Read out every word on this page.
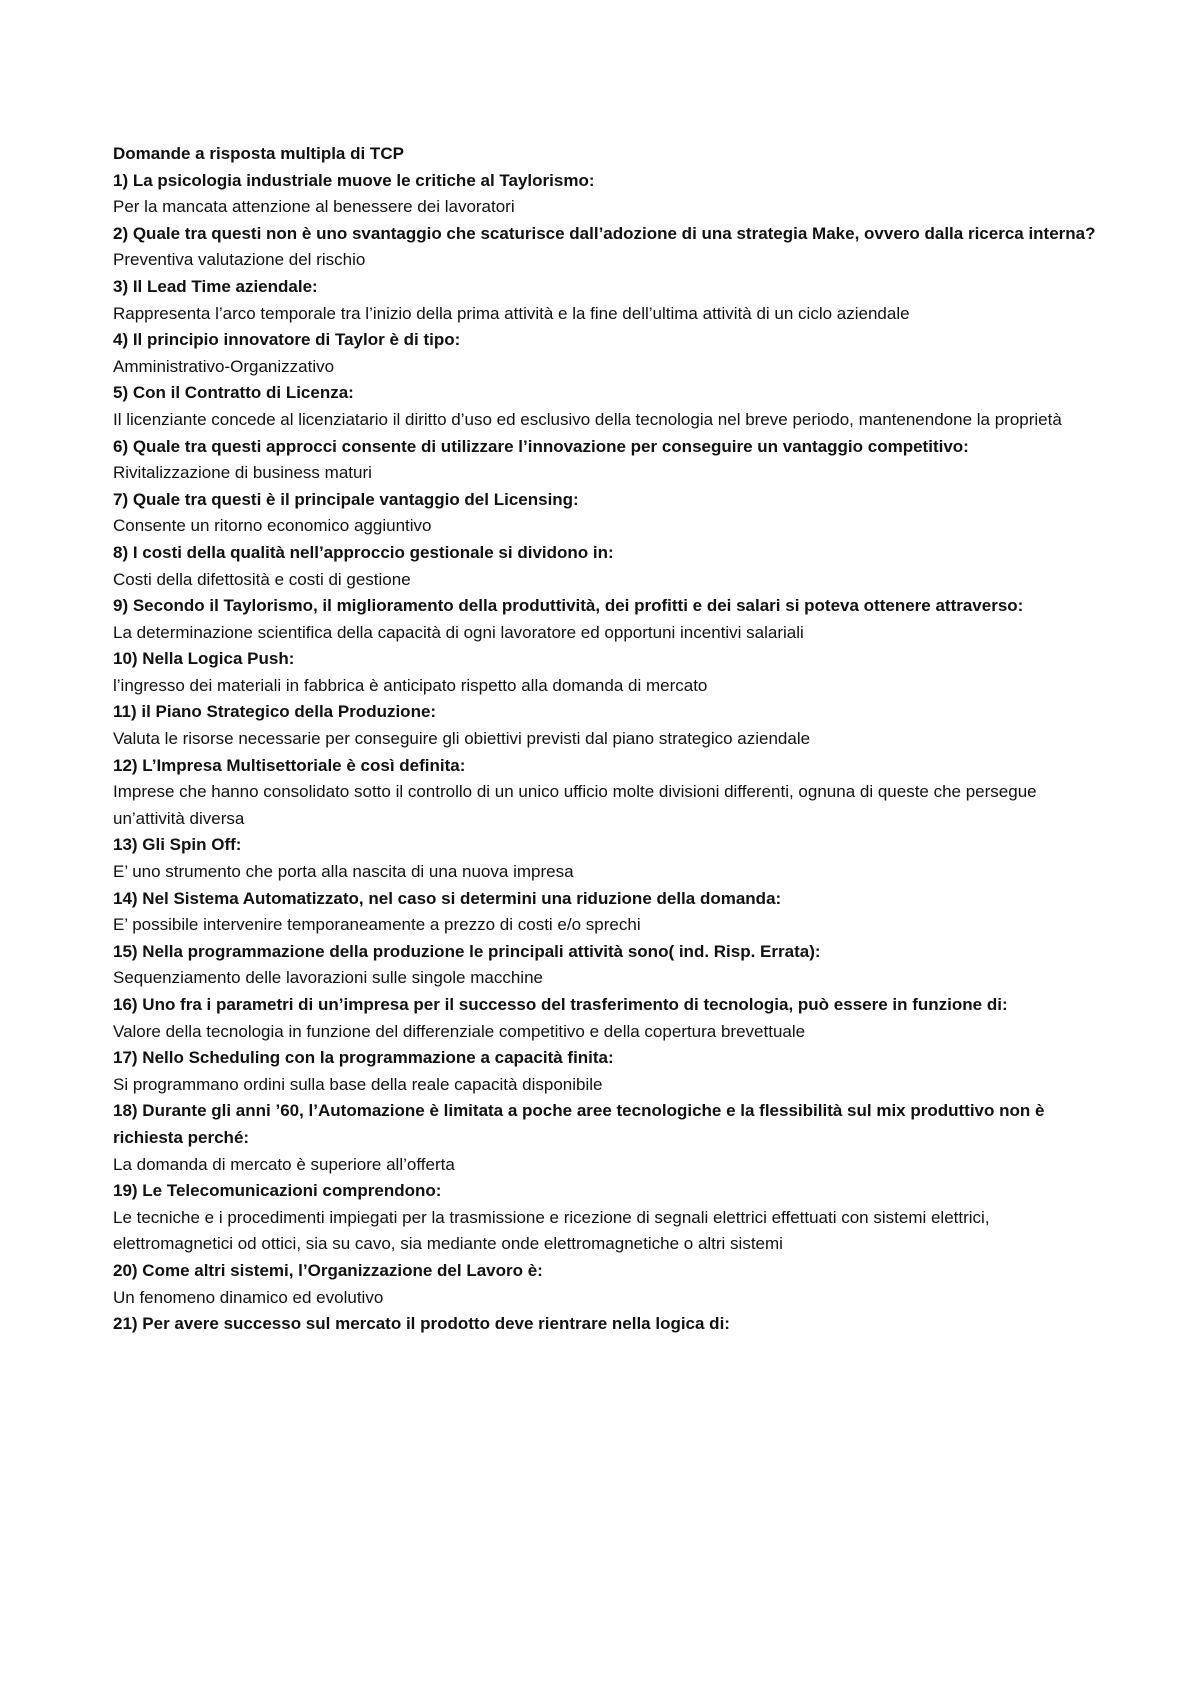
Domande a risposta multipla di TCP

1) La psicologia industriale muove le critiche al Taylorismo:

Per la mancata attenzione al benessere dei lavoratori

2) Quale tra questi non è uno svantaggio che scaturisce dall’adozione di una strategia Make, ovvero dalla ricerca interna?

Preventiva valutazione del rischio

3) Il Lead Time aziendale:

Rappresenta l’arco temporale tra l’inizio della prima attività e la fine dell’ultima attività di un ciclo aziendale

4) Il principio innovatore di Taylor è di tipo:

Amministrativo-Organizzativo

5) Con il Contratto di Licenza:

Il licenziante concede al licenziatario il diritto d’uso ed esclusivo della tecnologia nel breve periodo, mantenendone la proprietà

6) Quale tra questi approcci consente di utilizzare l’innovazione per conseguire un vantaggio competitivo:

Rivitalizzazione di business maturi

7) Quale tra questi è il principale vantaggio del Licensing:

Consente un ritorno economico aggiuntivo

8) I costi della qualità nell’approccio gestionale si dividono in:

Costi della difettosità e costi di gestione

9) Secondo il Taylorismo, il miglioramento della produttività, dei profitti e dei salari si poteva ottenere attraverso:

La determinazione scientifica della capacità di ogni lavoratore ed opportuni incentivi salariali

10) Nella Logica Push:

l’ingresso dei materiali in fabbrica è anticipato rispetto alla domanda di mercato

11) il Piano Strategico della Produzione:

Valuta le risorse necessarie per conseguire gli obiettivi previsti dal piano strategico aziendale

12) L’Impresa Multisettoriale è così definita:

Imprese che hanno consolidato sotto il controllo di un unico ufficio molte divisioni differenti, ognuna di queste che persegue un’attività diversa

13) Gli Spin Off:

E’ uno strumento che porta alla nascita di una nuova impresa

14) Nel Sistema Automatizzato, nel caso si determini una riduzione della domanda:

E’ possibile intervenire temporaneamente a prezzo di costi e/o sprechi

15) Nella programmazione della produzione le principali attività sono( ind. Risp. Errata):

Sequenziamento delle lavorazioni sulle singole macchine

16) Uno fra i parametri di un’impresa per il successo del trasferimento di tecnologia, può essere in funzione di:

Valore della tecnologia in funzione del differenziale competitivo e della copertura brevettuale

17) Nello Scheduling con la programmazione a capacità finita:

Si programmano ordini sulla base della reale capacità disponibile

18) Durante gli anni ’60, l’Automazione è limitata a poche aree tecnologiche e la flessibilità sul mix produttivo non è richiesta perché:

La domanda di mercato è superiore all’offerta

19) Le Telecomunicazioni comprendono:

Le tecniche e i procedimenti impiegati per la trasmissione e ricezione di segnali elettrici effettuati con sistemi elettrici, elettromagnetici od ottici, sia su cavo, sia mediante onde elettromagnetiche o altri sistemi

20) Come altri sistemi, l’Organizzazione del Lavoro è:

Un fenomeno dinamico ed evolutivo

21) Per avere successo sul mercato il prodotto deve rientrare nella logica di:
